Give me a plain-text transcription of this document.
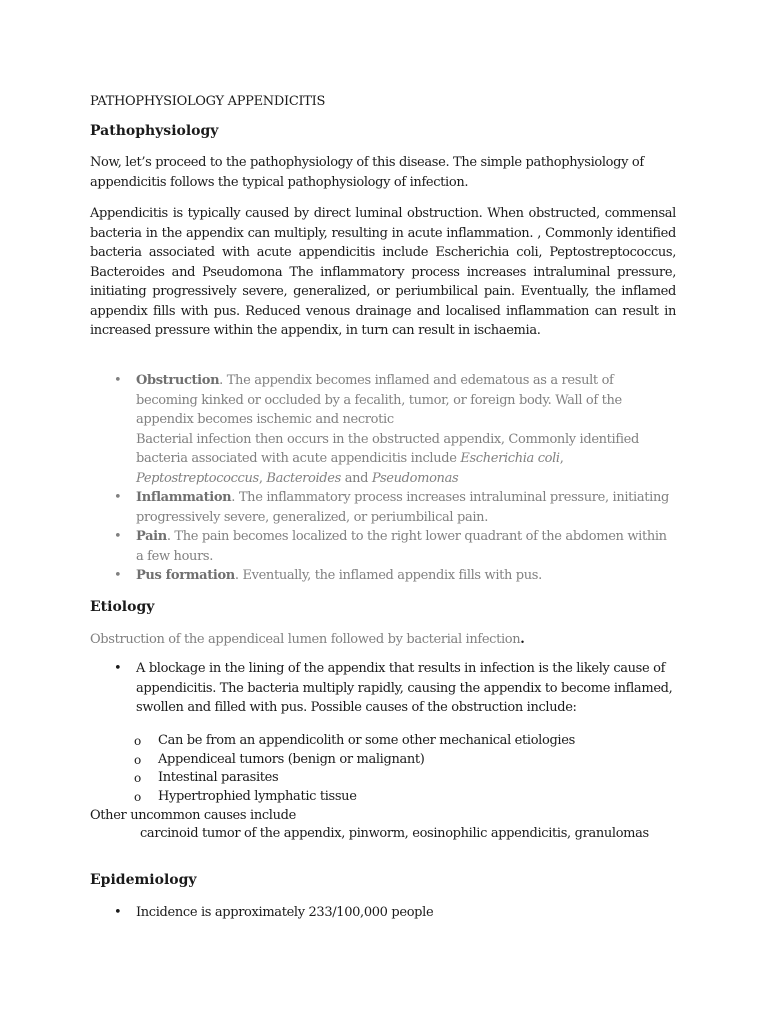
PATHOPHYSIOLOGY APPENDICITIS
Pathophysiology
Now, let’s proceed to the pathophysiology of this disease. The simple pathophysiology of appendicitis follows the typical pathophysiology of infection.
Appendicitis is typically caused by direct luminal obstruction. When obstructed, commensal bacteria in the appendix can multiply, resulting in acute inflammation. , Commonly identified bacteria associated with acute appendicitis include Escherichia coli, Peptostreptococcus, Bacteroides and Pseudomona The inflammatory process increases intraluminal pressure, initiating progressively severe, generalized, or periumbilical pain. Eventually, the inflamed appendix fills with pus. Reduced venous drainage and localised inflammation can result in increased pressure within the appendix, in turn can result in ischaemia.
• Obstruction. The appendix becomes inflamed and edematous as a result of becoming kinked or occluded by a fecalith, tumor, or foreign body. Wall of the appendix becomes ischemic and necrotic
Bacterial infection then occurs in the obstructed appendix, Commonly identified bacteria associated with acute appendicitis include Escherichia coli, Peptostreptococcus, Bacteroides and Pseudomonas
• Inflammation. The inflammatory process increases intraluminal pressure, initiating progressively severe, generalized, or periumbilical pain.
• Pain. The pain becomes localized to the right lower quadrant of the abdomen within a few hours.
• Pus formation. Eventually, the inflamed appendix fills with pus.
Etiology
Obstruction of the appendiceal lumen followed by bacterial infection.
• A blockage in the lining of the appendix that results in infection is the likely cause of appendicitis. The bacteria multiply rapidly, causing the appendix to become inflamed, swollen and filled with pus. Possible causes of the obstruction include:
o Can be from an appendicolith or some other mechanical etiologies
o Appendiceal tumors (benign or malignant)
o Intestinal parasites
o Hypertrophied lymphatic tissue
Other uncommon causes include
carcinoid tumor of the appendix, pinworm, eosinophilic appendicitis, granulomas
Epidemiology
• Incidence is approximately 233/100,000 people
